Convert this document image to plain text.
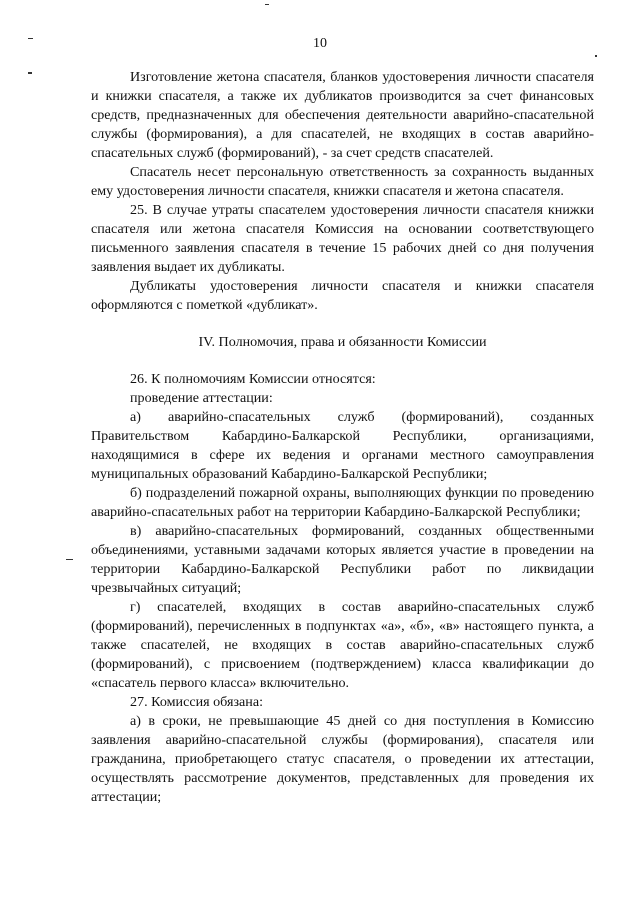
10

Изготовление жетона спасателя, бланков удостоверения личности спасателя и книжки спасателя, а также их дубликатов производится за счет финансовых средств, предназначенных для обеспечения деятельности аварийно-спасательной службы (формирования), а для спасателей, не входящих в состав аварийно-спасательных служб (формирований), - за счет средств спасателей.

Спасатель несет персональную ответственность за сохранность выданных ему удостоверения личности спасателя, книжки спасателя и жетона спасателя.

25. В случае утраты спасателем удостоверения личности спасателя книжки спасателя или жетона спасателя Комиссия на основании соответствующего письменного заявления спасателя в течение 15 рабочих дней со дня получения заявления выдает их дубликаты.

Дубликаты удостоверения личности спасателя и книжки спасателя оформляются с пометкой «дубликат».

IV. Полномочия, права и обязанности Комиссии

26. К полномочиям Комиссии относятся:

проведение аттестации:

а) аварийно-спасательных служб (формирований), созданных Правительством Кабардино-Балкарской Республики, организациями, находящимися в сфере их ведения и органами местного самоуправления муниципальных образований Кабардино-Балкарской Республики;

б) подразделений пожарной охраны, выполняющих функции по проведению аварийно-спасательных работ на территории Кабардино-Балкарской Республики;

в) аварийно-спасательных формирований, созданных общественными объединениями, уставными задачами которых является участие в проведении на территории Кабардино-Балкарской Республики работ по ликвидации чрезвычайных ситуаций;

г) спасателей, входящих в состав аварийно-спасательных служб (формирований), перечисленных в подпунктах «а», «б», «в» настоящего пункта, а также спасателей, не входящих в состав аварийно-спасательных служб (формирований), с присвоением (подтверждением) класса квалификации до «спасатель первого класса» включительно.

27. Комиссия обязана:

а) в сроки, не превышающие 45 дней со дня поступления в Комиссию заявления аварийно-спасательной службы (формирования), спасателя или гражданина, приобретающего статус спасателя, о проведении их аттестации, осуществлять рассмотрение документов, представленных для проведения их аттестации;
